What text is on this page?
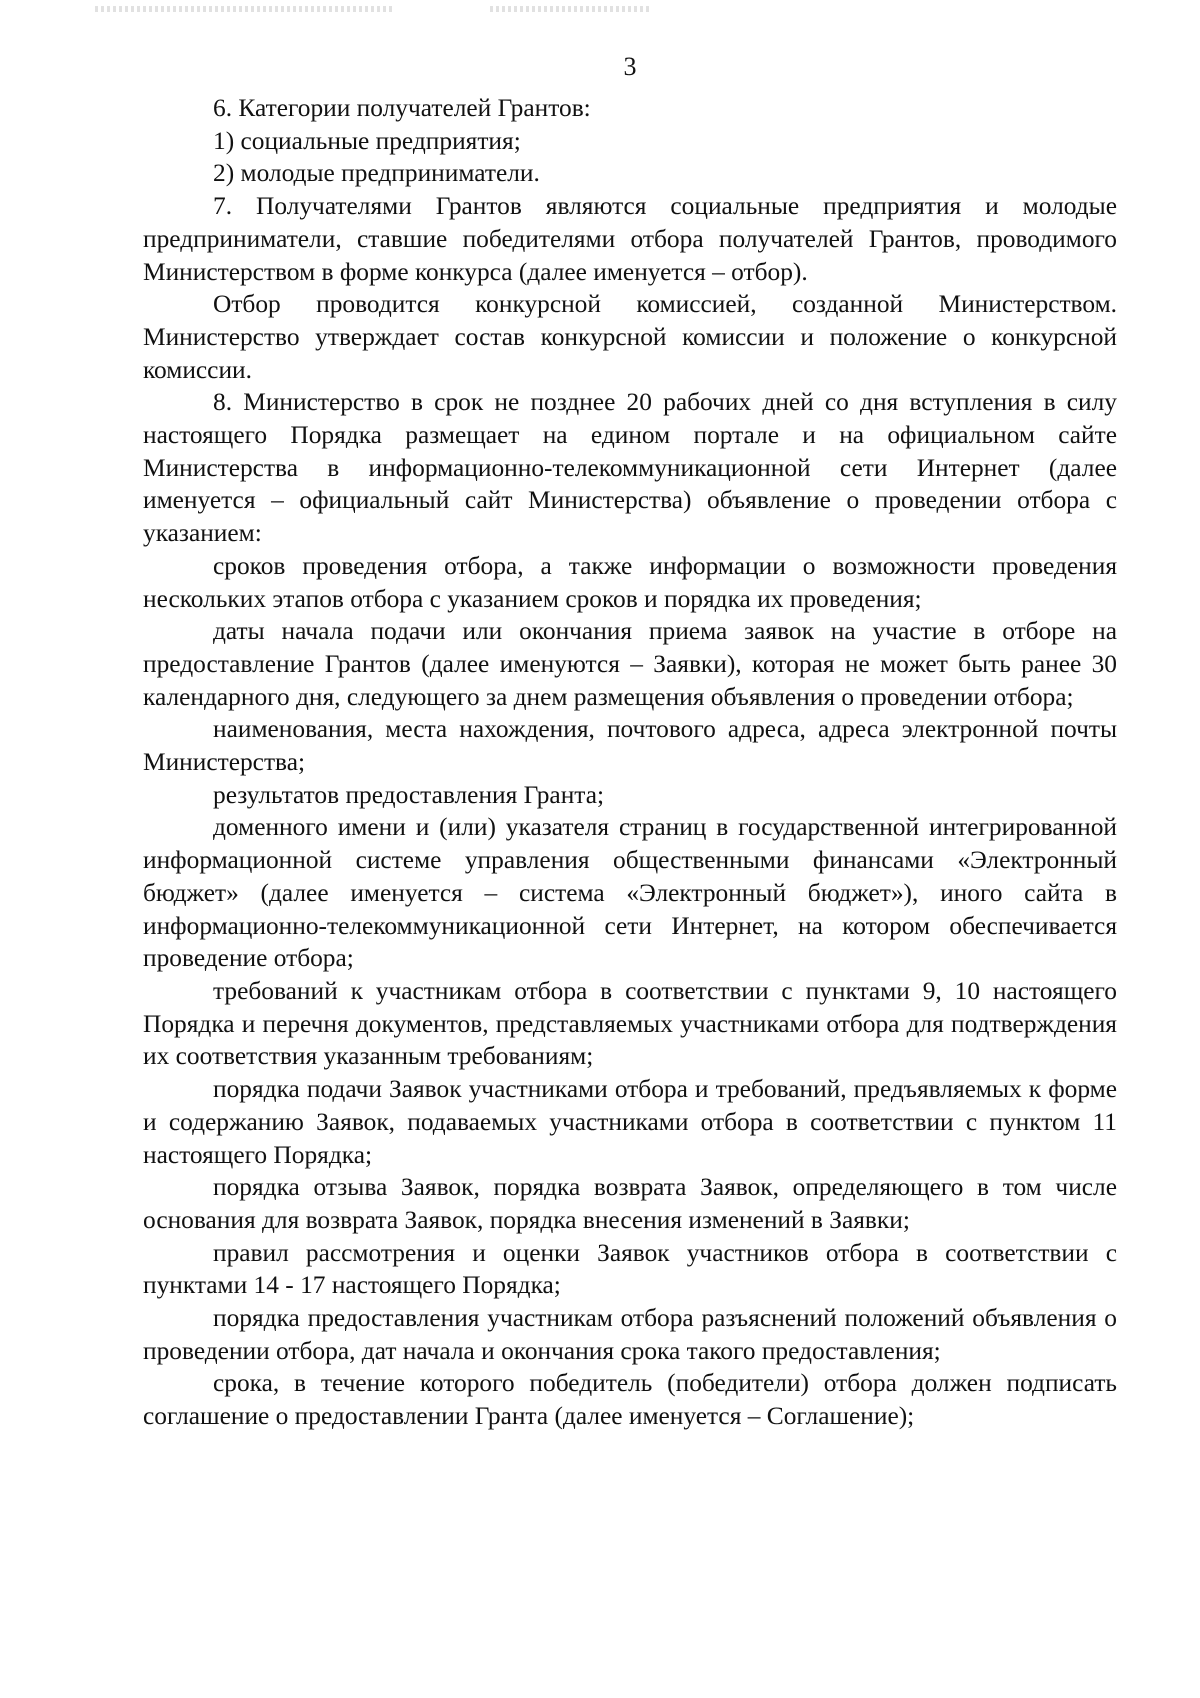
3

6. Категории получателей Грантов:

1) социальные предприятия;

2) молодые предприниматели.

7. Получателями Грантов являются социальные предприятия и молодые предприниматели, ставшие победителями отбора получателей Грантов, проводимого Министерством в форме конкурса (далее именуется – отбор).

Отбор проводится конкурсной комиссией, созданной Министерством. Министерство утверждает состав конкурсной комиссии и положение о конкурсной комиссии.

8. Министерство в срок не позднее 20 рабочих дней со дня вступления в силу настоящего Порядка размещает на едином портале и на официальном сайте Министерства в информационно-телекоммуникационной сети Интернет (далее именуется – официальный сайт Министерства) объявление о проведении отбора с указанием:

сроков проведения отбора, а также информации о возможности проведения нескольких этапов отбора с указанием сроков и порядка их проведения;

даты начала подачи или окончания приема заявок на участие в отборе на предоставление Грантов (далее именуются – Заявки), которая не может быть ранее 30 календарного дня, следующего за днем размещения объявления о проведении отбора;

наименования, места нахождения, почтового адреса, адреса электронной почты Министерства;

результатов предоставления Гранта;

доменного имени и (или) указателя страниц в государственной интегрированной информационной системе управления общественными финансами «Электронный бюджет» (далее именуется – система «Электронный бюджет»), иного сайта в информационно-телекоммуникационной сети Интернет, на котором обеспечивается проведение отбора;

требований к участникам отбора в соответствии с пунктами 9, 10 настоящего Порядка и перечня документов, представляемых участниками отбора для подтверждения их соответствия указанным требованиям;

порядка подачи Заявок участниками отбора и требований, предъявляемых к форме и содержанию Заявок, подаваемых участниками отбора в соответствии с пунктом 11 настоящего Порядка;

порядка отзыва Заявок, порядка возврата Заявок, определяющего в том числе основания для возврата Заявок, порядка внесения изменений в Заявки;

правил рассмотрения и оценки Заявок участников отбора в соответствии с пунктами 14 - 17 настоящего Порядка;

порядка предоставления участникам отбора разъяснений положений объявления о проведении отбора, дат начала и окончания срока такого предоставления;

срока, в течение которого победитель (победители) отбора должен подписать соглашение о предоставлении Гранта (далее именуется – Соглашение);
